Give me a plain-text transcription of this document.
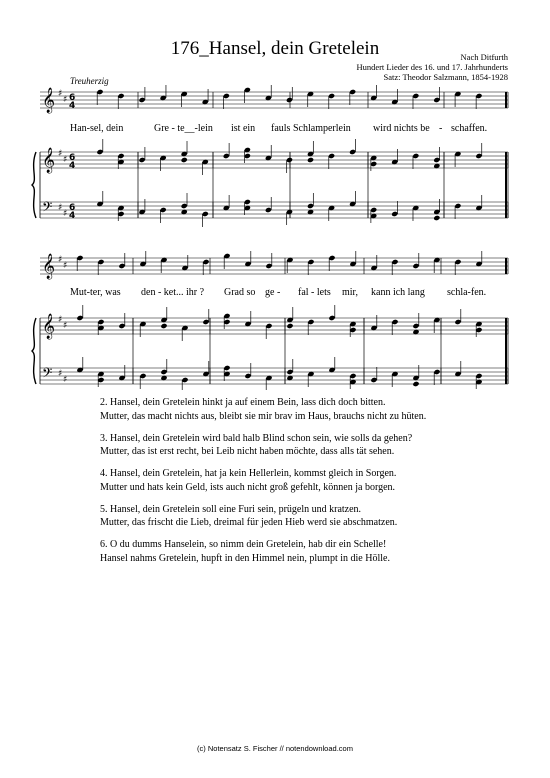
176_Hansel, dein Gretelein	Nach Ditfurth
Hundert Lieder des 16. und 17. Jahrhunderts
Satz: Theodor Salzmann, 1854-1928
Treuherzig
𝄞 ♯
♯ 6
4
𝄞 ♯
♯ 6
4
𝄢 ♯
♯
6
4
𝄞 ♯
♯
𝄞 ♯
♯
𝄢 ♯
♯
Han-sel, dein	Gre - te__-lein ist ein fauls Schlamperlein wird nichts be - schaffen.
Mut-ter, was den - ket... ihr ? Grad so ge - fal - lets mir, kann ich lang schla-fen.
2. Hansel, dein Gretelein hinkt ja auf einem Bein, lass dich doch bitten.
Mutter, das macht nichts aus, bleibt sie mir brav im Haus, brauchs nicht zu hüten.
3. Hansel, dein Gretelein wird bald halb Blind schon sein, wie solls da gehen?
Mutter, das ist erst recht, bei Leib nicht haben möchte, dass alls tät sehen.
4. Hansel, dein Gretelein, hat ja kein Hellerlein, kommst gleich in Sorgen.
Mutter und hats kein Geld, ists auch nicht groß gefehlt, können ja borgen.
5. Hansel, dein Gretelein soll eine Furi sein, prügeln und kratzen.
Mutter, das frischt die Lieb, dreimal für jeden Hieb werd sie abschmatzen.
6. O du dumms Hanselein, so nimm dein Gretelein, hab dir ein Schelle!
Hansel nahms Gretelein, hupft in den Himmel nein, plumpt in die Hölle.
(c) Notensatz S. Fischer // notendownload.com
